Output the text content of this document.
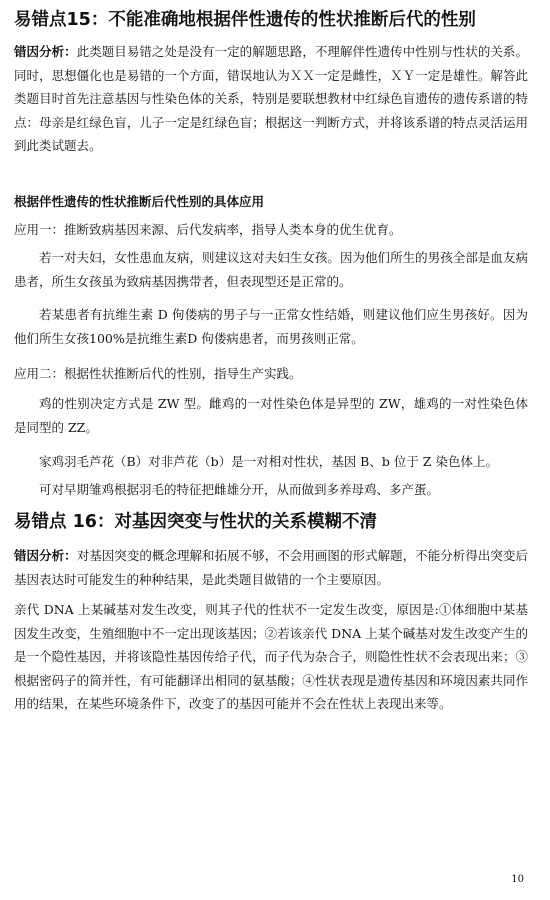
易错点15：不能准确地根据伴性遗传的性状推断后代的性别
错因分析：此类题目易错之处是没有一定的解题思路，不理解伴性遗传中性别与性状的关系。同时，思想僵化也是易错的一个方面，错误地认为ＸＸ一定是雌性，ＸＹ一定是雄性。解答此类题目时首先注意基因与性染色体的关系，特别是要联想教材中红绿色盲遗传的遗传系谱的特点：母亲是红绿色盲，儿子一定是红绿色盲；根据这一判断方式，并将该系谱的特点灵活运用到此类试题去。
根据伴性遗传的性状推断后代性别的具体应用
应用一：推断致病基因来源、后代发病率，指导人类本身的优生优育。
若一对夫妇，女性患血友病，则建议这对夫妇生女孩。因为他们所生的男孩全部是血友病患者，所生女孩虽为致病基因携带者，但表现型还是正常的。
若某患者有抗维生素 D 佝偻病的男子与一正常女性结婚，则建议他们应生男孩好。因为他们所生女孩100%是抗维生素D 佝偻病患者，而男孩则正常。
应用二：根据性状推断后代的性别，指导生产实践。
鸡的性别决定方式是 ZW 型。雌鸡的一对性染色体是异型的 ZW，雄鸡的一对性染色体是同型的 ZZ。
家鸡羽毛芦花（B）对非芦花（b）是一对相对性状，基因 B、b 位于 Z 染色体上。
可对早期雏鸡根据羽毛的特征把雌雄分开，从而做到多养母鸡、多产蛋。
易错点 16：对基因突变与性状的关系模糊不清
错因分析：对基因突变的概念理解和拓展不够，不会用画图的形式解题，不能分析得出突变后基因表达时可能发生的种种结果，是此类题目做错的一个主要原因。
亲代 DNA 上某碱基对发生改变，则其子代的性状不一定发生改变，原因是:①体细胞中某基因发生改变，生殖细胞中不一定出现该基因；②若该亲代 DNA 上某个碱基对发生改变产生的是一个隐性基因，并将该隐性基因传给子代，而子代为杂合子，则隐性性状不会表现出来；③根据密码子的简并性，有可能翻译出相同的氨基酸；④性状表现是遗传基因和环境因素共同作用的结果，在某些环境条件下，改变了的基因可能并不会在性状上表现出来等。
10
